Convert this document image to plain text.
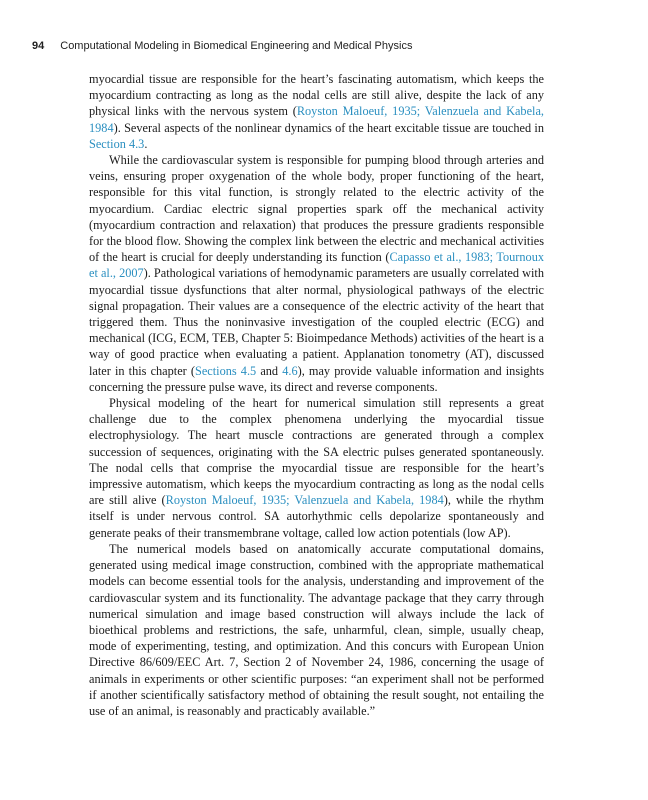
94 Computational Modeling in Biomedical Engineering and Medical Physics

myocardial tissue are responsible for the heart’s fascinating automatism, which keeps the myocardium contracting as long as the nodal cells are still alive, despite the lack of any physical links with the nervous system (Royston Maloeuf, 1935; Valenzuela and Kabela, 1984). Several aspects of the nonlinear dynamics of the heart excitable tissue are touched in Section 4.3.

While the cardiovascular system is responsible for pumping blood through arteries and veins, ensuring proper oxygenation of the whole body, proper functioning of the heart, responsible for this vital function, is strongly related to the electric activity of the myocardium. Cardiac electric signal properties spark off the mechanical activity (myocardium contraction and relaxation) that produces the pressure gradients responsible for the blood flow. Showing the complex link between the electric and mechanical activities of the heart is crucial for deeply understanding its function (Capasso et al., 1983; Tournoux et al., 2007). Pathological variations of hemodynamic parameters are usually correlated with myocardial tissue dysfunctions that alter normal, physiological pathways of the electric signal propagation. Their values are a consequence of the electric activity of the heart that triggered them. Thus the noninvasive investigation of the coupled electric (ECG) and mechanical (ICG, ECM, TEB, Chapter 5: Bioimpedance Methods) activities of the heart is a way of good practice when evaluating a patient. Applanation tonometry (AT), discussed later in this chapter (Sections 4.5 and 4.6), may provide valuable information and insights concerning the pressure pulse wave, its direct and reverse components.

Physical modeling of the heart for numerical simulation still represents a great challenge due to the complex phenomena underlying the myocardial tissue electrophysiology. The heart muscle contractions are generated through a complex succession of sequences, originating with the SA electric pulses generated spontaneously. The nodal cells that comprise the myocardial tissue are responsible for the heart’s impressive automatism, which keeps the myocardium contracting as long as the nodal cells are still alive (Royston Maloeuf, 1935; Valenzuela and Kabela, 1984), while the rhythm itself is under nervous control. SA autorhythmic cells depolarize spontaneously and generate peaks of their transmembrane voltage, called low action potentials (low AP).

The numerical models based on anatomically accurate computational domains, generated using medical image construction, combined with the appropriate mathematical models can become essential tools for the analysis, understanding and improvement of the cardiovascular system and its functionality. The advantage package that they carry through numerical simulation and image based construction will always include the lack of bioethical problems and restrictions, the safe, unharmful, clean, simple, usually cheap, mode of experimenting, testing, and optimization. And this concurs with European Union Directive 86/609/EEC Art. 7, Section 2 of November 24, 1986, concerning the usage of animals in experiments or other scientific purposes: “an experiment shall not be performed if another scientifically satisfactory method of obtaining the result sought, not entailing the use of an animal, is reasonably and practicably available.”
